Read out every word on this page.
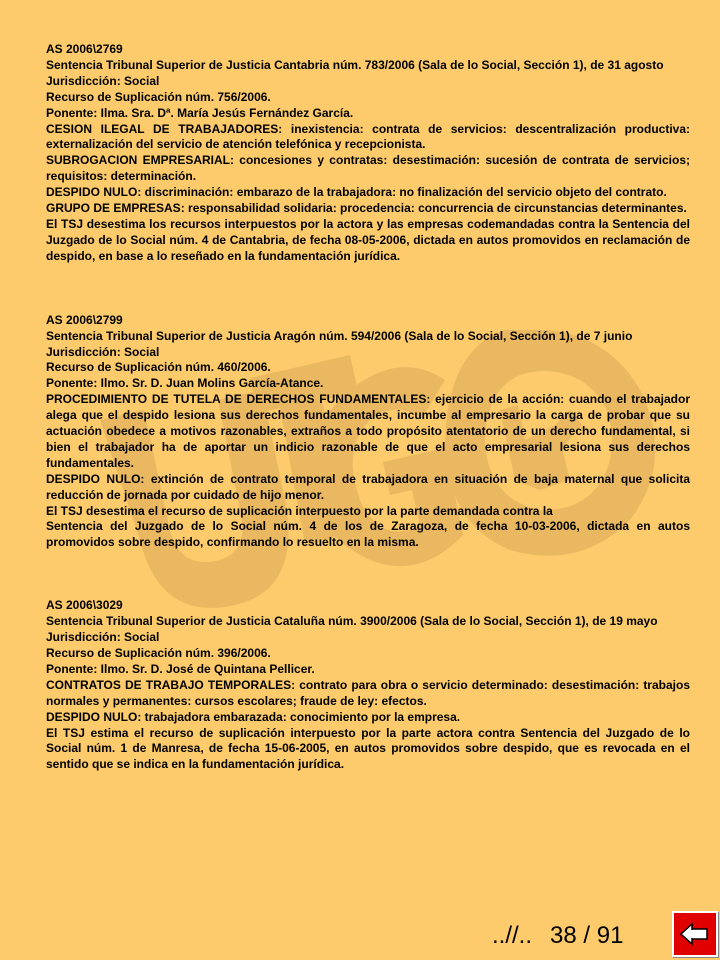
AS 2006\2769

Sentencia Tribunal Superior de Justicia Cantabria núm. 783/2006 (Sala de lo Social, Sección 1), de 31 agosto

Jurisdicción: Social

Recurso de Suplicación núm. 756/2006.

Ponente: Ilma. Sra. Dª. María Jesús Fernández García.

CESION ILEGAL DE TRABAJADORES: inexistencia: contrata de servicios: descentralización productiva: externalización del servicio de atención telefónica y recepcionista.

SUBROGACION EMPRESARIAL: concesiones y contratas: desestimación: sucesión de contrata de servicios; requisitos: determinación.

DESPIDO NULO: discriminación: embarazo de la trabajadora: no finalización del servicio objeto del contrato.

GRUPO DE EMPRESAS: responsabilidad solidaria: procedencia: concurrencia de circunstancias determinantes.

El TSJ desestima los recursos interpuestos por la actora y las empresas codemandadas contra la Sentencia del Juzgado de lo Social núm. 4 de Cantabria, de fecha 08-05-2006, dictada en autos promovidos en reclamación de despido, en base a lo reseñado en la fundamentación jurídica.

AS 2006\2799

Sentencia Tribunal Superior de Justicia Aragón núm. 594/2006 (Sala de lo Social, Sección 1), de 7 junio

Jurisdicción: Social

Recurso de Suplicación núm. 460/2006.

Ponente: Ilmo. Sr. D. Juan Molins García-Atance.

PROCEDIMIENTO DE TUTELA DE DERECHOS FUNDAMENTALES: ejercicio de la acción: cuando el trabajador alega que el despido lesiona sus derechos fundamentales, incumbe al empresario la carga de probar que su actuación obedece a motivos razonables, extraños a todo propósito atentatorio de un derecho fundamental, si bien el trabajador ha de aportar un indicio razonable de que el acto empresarial lesiona sus derechos fundamentales.

DESPIDO NULO: extinción de contrato temporal de trabajadora en situación de baja maternal que solicita reducción de jornada por cuidado de hijo menor.

El TSJ desestima el recurso de suplicación interpuesto por la parte demandada contra la

Sentencia del Juzgado de lo Social núm. 4 de los de Zaragoza, de fecha 10-03-2006, dictada en autos promovidos sobre despido, confirmando lo resuelto en la misma.

AS 2006\3029

Sentencia Tribunal Superior de Justicia Cataluña núm. 3900/2006 (Sala de lo Social, Sección 1), de 19 mayo

Jurisdicción: Social

Recurso de Suplicación núm. 396/2006.

Ponente: Ilmo. Sr. D. José de Quintana Pellicer.

CONTRATOS DE TRABAJO TEMPORALES: contrato para obra o servicio determinado: desestimación: trabajos normales y permanentes: cursos escolares; fraude de ley: efectos.

DESPIDO NULO: trabajadora embarazada: conocimiento por la empresa.

El TSJ estima el recurso de suplicación interpuesto por la parte actora contra Sentencia del Juzgado de lo Social núm. 1 de Manresa, de fecha 15-06-2005, en autos promovidos sobre despido, que es revocada en el sentido que se indica en la fundamentación jurídica.

..//.. 38 / 91
